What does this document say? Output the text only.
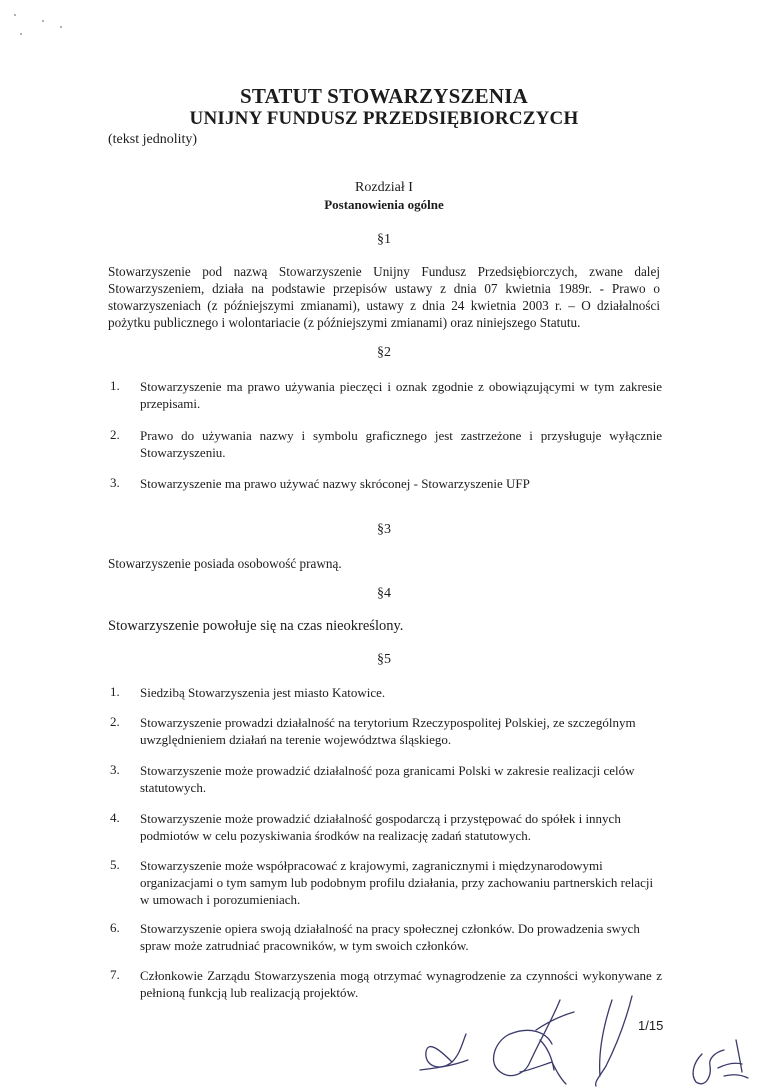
STATUT STOWARZYSZENIA
UNIJNY FUNDUSZ PRZEDSIĘBIORCZYCH
(tekst jednolity)
Rozdział I
Postanowienia ogólne
§1
Stowarzyszenie pod nazwą Stowarzyszenie Unijny Fundusz Przedsiębiorczych, zwane dalej Stowarzyszeniem, działa na podstawie przepisów ustawy z dnia 07 kwietnia 1989r. - Prawo o stowarzyszeniach (z późniejszymi zmianami), ustawy z dnia 24 kwietnia 2003 r. – O działalności pożytku publicznego i wolontariacie (z późniejszymi zmianami) oraz niniejszego Statutu.
§2
1. Stowarzyszenie ma prawo używania pieczęci i oznak zgodnie z obowiązującymi w tym zakresie przepisami.
2. Prawo do używania nazwy i symbolu graficznego jest zastrzeżone i przysługuje wyłącznie Stowarzyszeniu.
3. Stowarzyszenie ma prawo używać nazwy skróconej - Stowarzyszenie UFP
§3
Stowarzyszenie posiada osobowość prawną.
§4
Stowarzyszenie powołuje się na czas nieokreślony.
§5
1. Siedzibą Stowarzyszenia jest miasto Katowice.
2. Stowarzyszenie prowadzi działalność na terytorium Rzeczypospolitej Polskiej, ze szczególnym uwzględnieniem działań na terenie województwa śląskiego.
3. Stowarzyszenie może prowadzić działalność poza granicami Polski w zakresie realizacji celów statutowych.
4. Stowarzyszenie może prowadzić działalność gospodarczą i przystępować do spółek i innych podmiotów w celu pozyskiwania środków na realizację zadań statutowych.
5. Stowarzyszenie może współpracować z krajowymi, zagranicznymi i międzynarodowymi organizacjami o tym samym lub podobnym profilu działania, przy zachowaniu partnerskich relacji w umowach i porozumieniach.
6. Stowarzyszenie opiera swoją działalność na pracy społecznej członków. Do prowadzenia swych spraw może zatrudniać pracowników, w tym swoich członków.
7. Członkowie Zarządu Stowarzyszenia mogą otrzymać wynagrodzenie za czynności wykonywane z pełnioną funkcją lub realizacją projektów.
1/15
